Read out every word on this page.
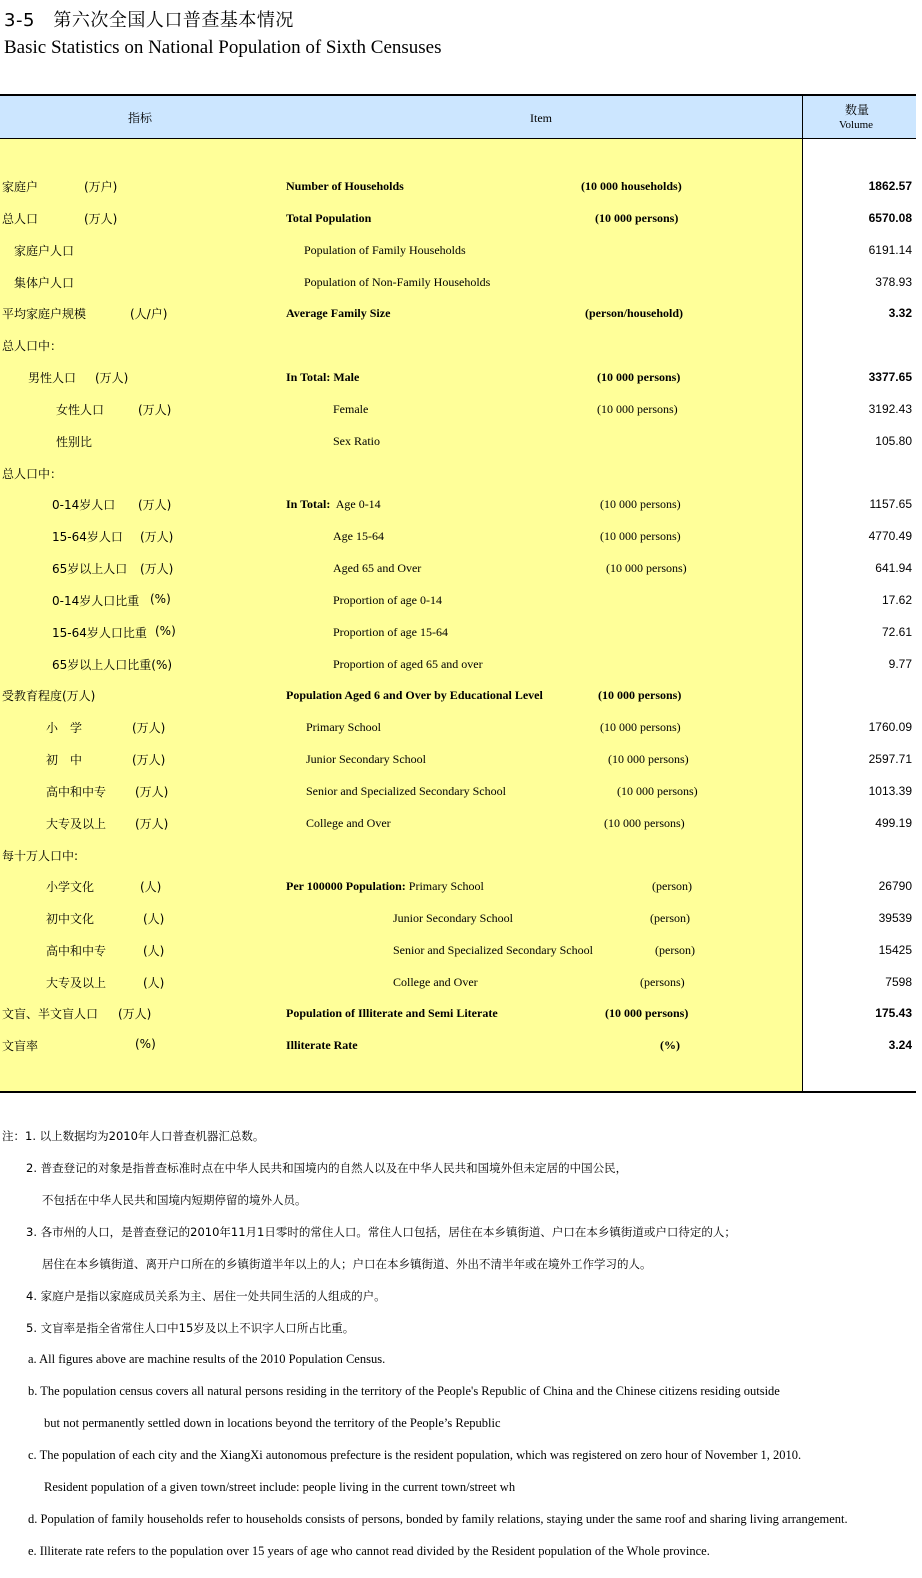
3-5　第六次全国人口普查基本情况
Basic Statistics on National Population of Sixth Censuses
指标	Item
数量
Volume
家庭户	(万户)	Number of Households	(10 000 households)	1862.57
总人口	(万人)	Total Population	(10 000 persons)	6570.08
家庭户人口	Population of Family Households	6191.14
集体户人口	Population of Non-Family Households	378.93
平均家庭户规模	(人/户)	Average Family Size	(person/household)	3.32
总人口中：
男性人口 (万人)	In Total: Male	(10 000 persons)	3377.65
女性人口	(万人)	Female	(10 000 persons)	3192.43
性别比	Sex Ratio	105.80
总人口中：
0-14岁人口 (万人)	In Total:  Age 0-14	(10 000 persons)	1157.65
15-64岁人口 (万人)	Age 15-64	(10 000 persons)	4770.49
65岁以上人口 (万人)	Aged 65 and Over	(10 000 persons)	641.94
0-14岁人口比重 (%)	Proportion of age 0-14	17.62
15-64岁人口比重 (%)	Proportion of age 15-64	72.61
65岁以上人口比重(%)	Proportion of aged 65 and over	9.77
受教育程度(万人)	Population Aged 6 and Over by Educational Level	(10 000 persons)
小　学	(万人)	Primary School	(10 000 persons)	1760.09
初　中	(万人)	Junior Secondary School	(10 000 persons)	2597.71
高中和中专 (万人)	Senior and Specialized Secondary School	(10 000 persons)	1013.39
大专及以上 (万人)	College and Over	(10 000 persons)	499.19
每十万人口中:
小学文化	(人)	Per 100000 Population: Primary School	(person)	26790
初中文化	(人)	Junior Secondary School	(person)	39539
高中和中专	(人)	Senior and Specialized Secondary School	(person)	15425
大专及以上	(人)	College and Over	(persons)	7598
文盲、半文盲人口 (万人)	Population of Illiterate and Semi Literate	(10 000 persons)	175.43
文盲率	(%)	Illiterate Rate	(%)	3.24
注：1. 以上数据均为2010年人口普查机器汇总数。
2. 普查登记的对象是指普查标准时点在中华人民共和国境内的自然人以及在中华人民共和国境外但未定居的中国公民，
不包括在中华人民共和国境内短期停留的境外人员。
3. 各市州的人口，是普查登记的2010年11月1日零时的常住人口。常住人口包括，居住在本乡镇街道、户口在本乡镇街道或户口待定的人；
居住在本乡镇街道、离开户口所在的乡镇街道半年以上的人；户口在本乡镇街道、外出不清半年或在境外工作学习的人。
4. 家庭户是指以家庭成员关系为主、居住一处共同生活的人组成的户。
5. 文盲率是指全省常住人口中15岁及以上不识字人口所占比重。
a. All figures above are machine results of the 2010 Population Census.
b. The population census covers all natural persons residing in the territory of the People's Republic of China and the Chinese citizens residing outside
but not permanently settled down in locations beyond the territory of the People’s Republic
c. The population of each city and the XiangXi autonomous prefecture is the resident population, which was registered on zero hour of November 1, 2010.
Resident population of a given town/street include: people living in the current town/street wh
d. Population of family households refer to households consists of persons, bonded by family relations, staying under the same roof and sharing living arrangement.
e. Illiterate rate refers to the population over 15 years of age who cannot read divided by the Resident population of the Whole province.
